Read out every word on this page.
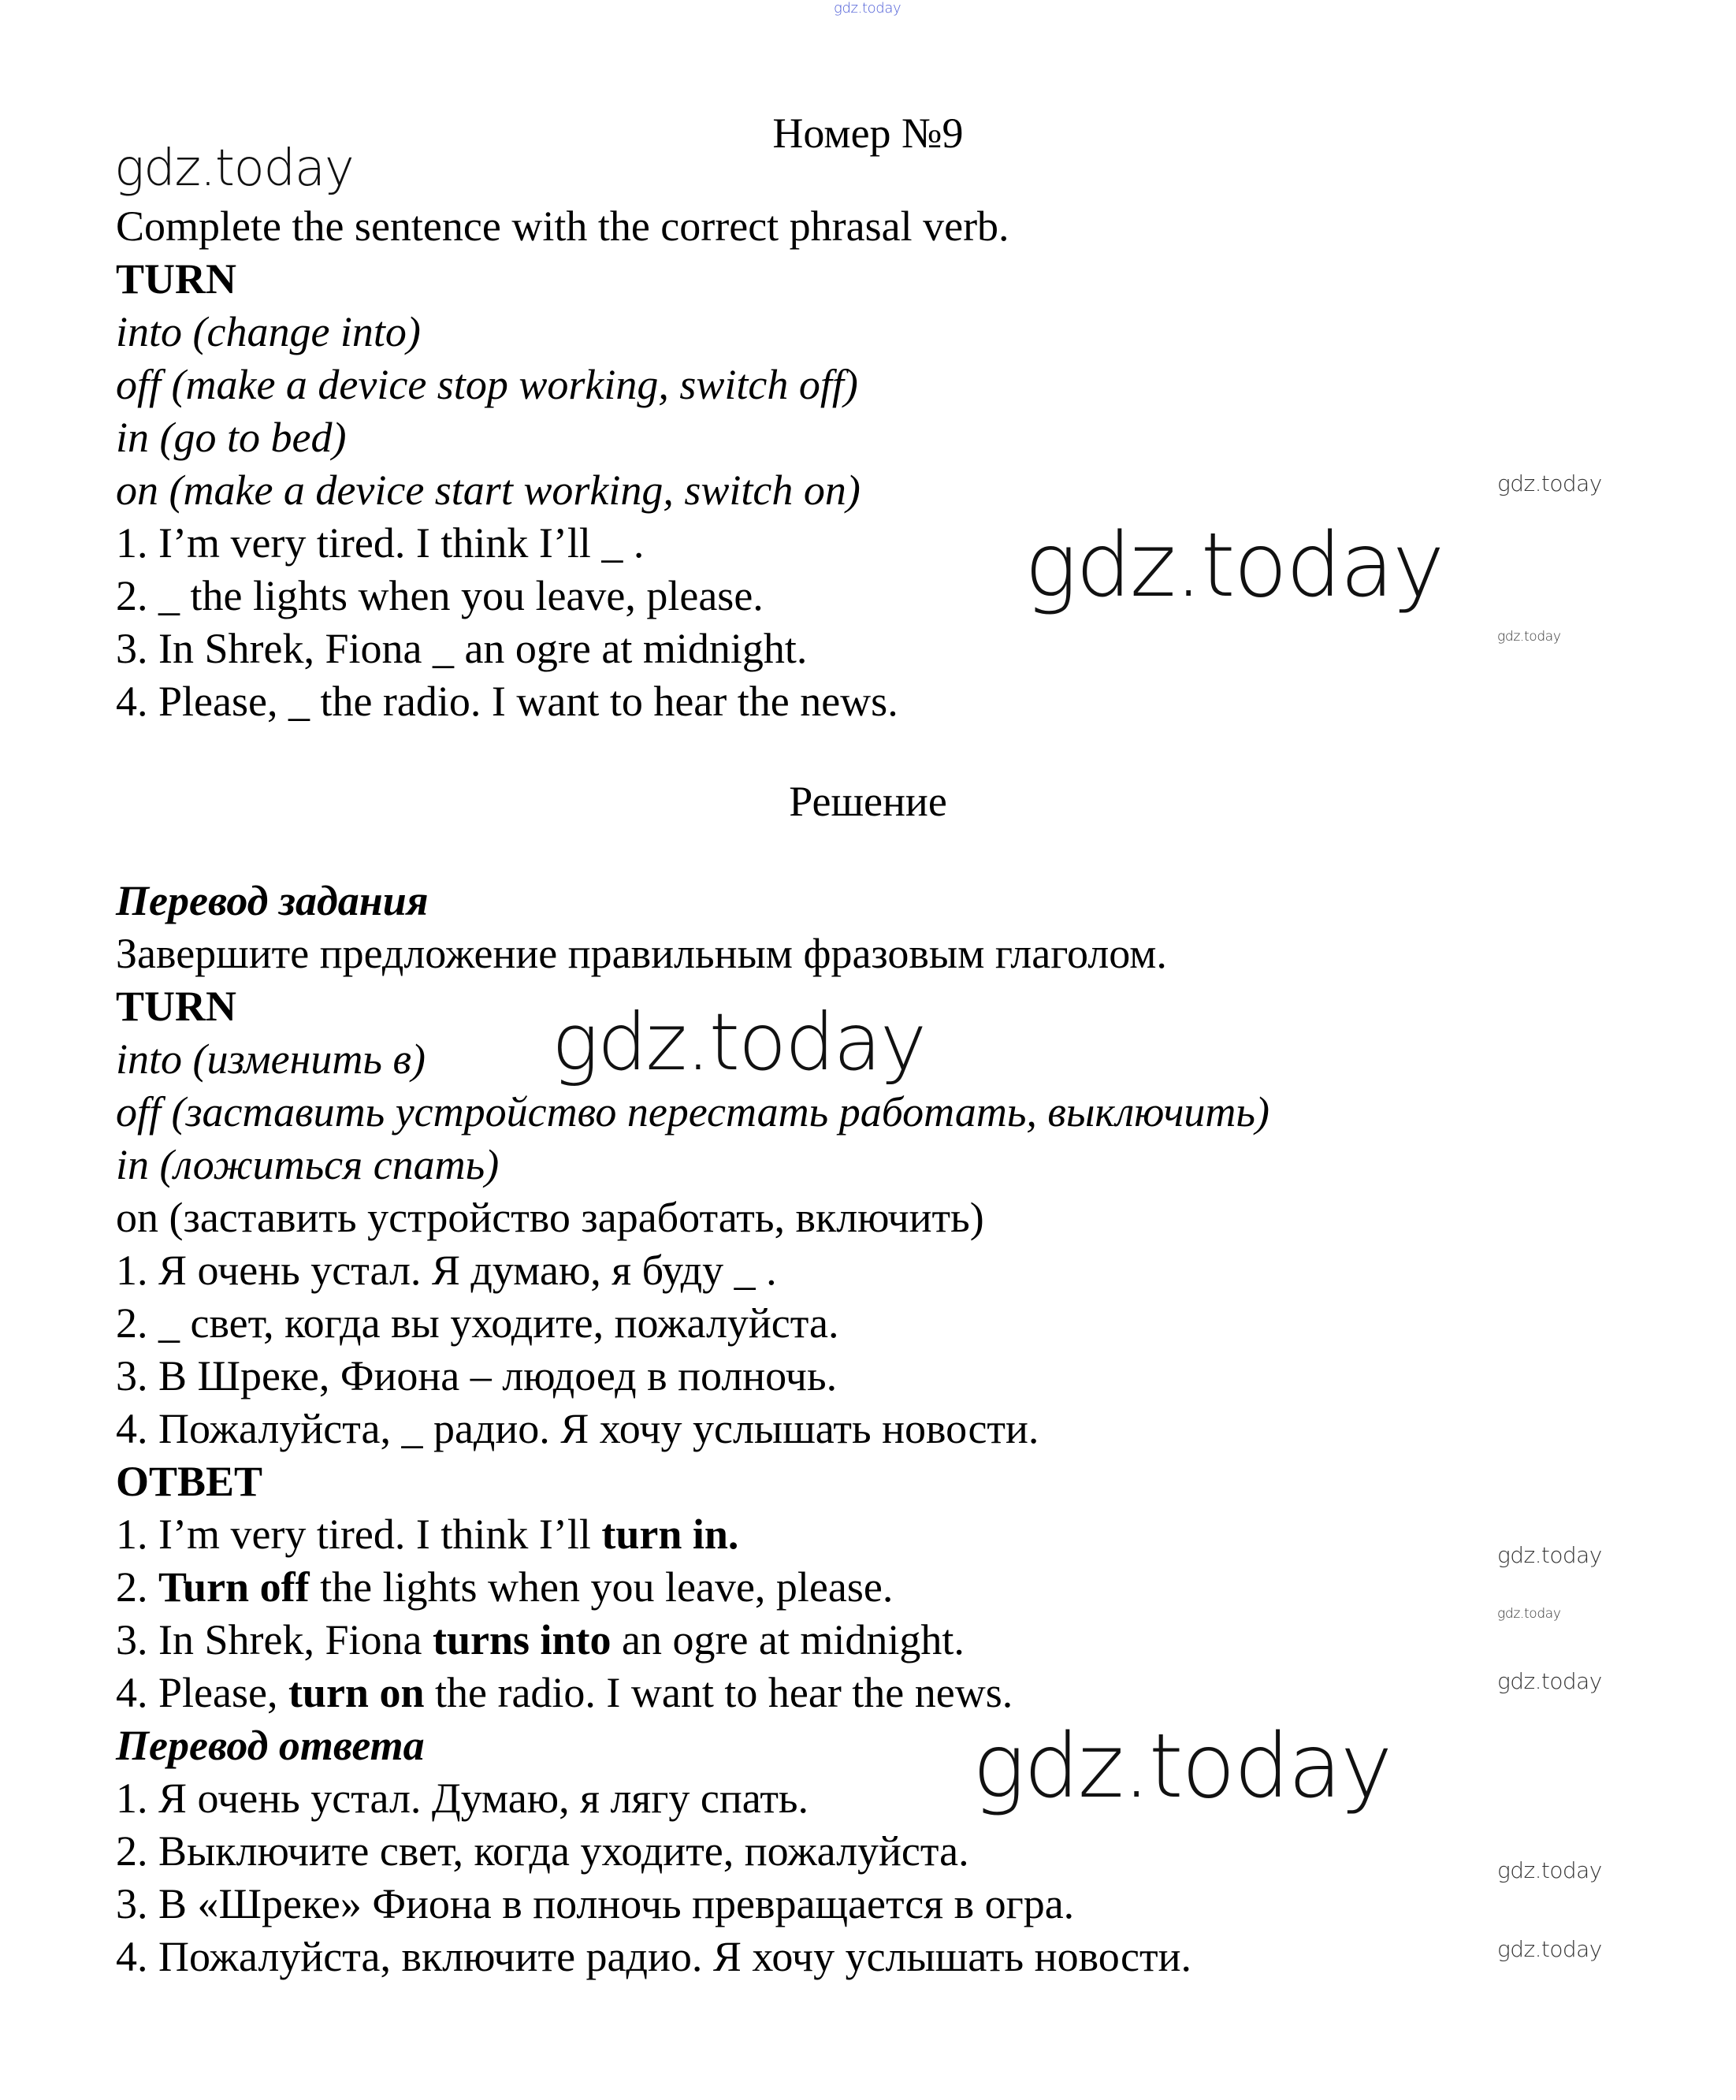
Номер №9
Complete the sentence with the correct phrasal verb.
TURN
into (change into)
off (make a device stop working, switch off)
in (go to bed)
on (make a device start working, switch on)
1. I’m very tired. I think I’ll _ .
2. _ the lights when you leave, please.
3. In Shrek, Fiona _ an ogre at midnight.
4. Please, _ the radio. I want to hear the news.
Решение
Перевод задания
Завершите предложение правильным фразовым глаголом.
TURN
into (изменить в)
off (заставить устройство перестать работать, выключить)
in (ложиться спать)
on (заставить устройство заработать, включить)
1. Я очень устал. Я думаю, я буду _ .
2. _ свет, когда вы уходите, пожалуйста.
3. В Шреке, Фиона – людоед в полночь.
4. Пожалуйста, _ радио. Я хочу услышать новости.
ОТВЕТ
1. I’m very tired. I think I’ll turn in.
2. Turn off the lights when you leave, please.
3. In Shrek, Fiona turns into an ogre at midnight.
4. Please, turn on the radio. I want to hear the news.
Перевод ответа
1. Я очень устал. Думаю, я лягу спать.
2. Выключите свет, когда уходите, пожалуйста.
3. В «Шреке» Фиона в полночь превращается в огра.
4. Пожалуйста, включите радио. Я хочу услышать новости.
gdz.today
gdz.today
gdz.today
gdz.today
gdz.today
gdz.today
gdz.today
gdz.today
gdz.today
gdz.today
gdz.today
gdz.today
